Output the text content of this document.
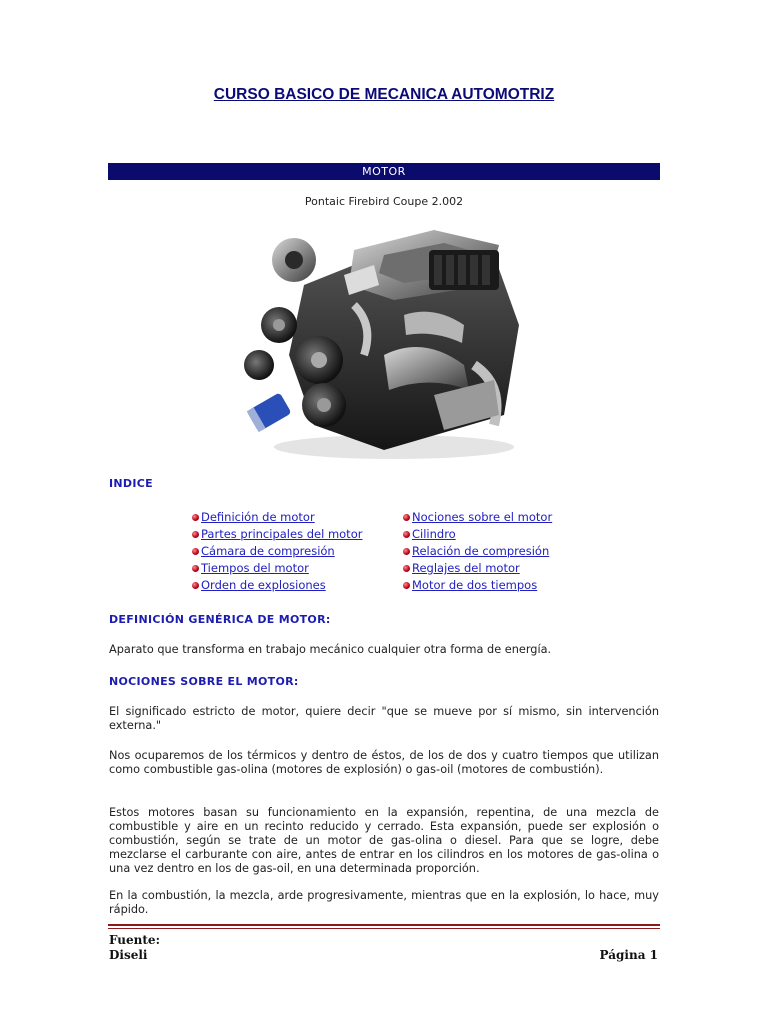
CURSO BASICO DE MECANICA AUTOMOTRIZ
MOTOR
Pontaic Firebird Coupe 2.002
INDICE
Definición de motor
Partes principales del motor
Cámara de compresión
Tiempos del motor
Orden de explosiones
Nociones sobre el motor
Cilindro
Relación de compresión
Reglajes del motor
Motor de dos tiempos
DEFINICIÓN GENÉRICA DE MOTOR:
Aparato que transforma en trabajo mecánico cualquier otra forma de energía.
NOCIONES SOBRE EL MOTOR:
El significado estricto de motor, quiere decir "que se mueve por sí mismo, sin intervención externa."
Nos ocuparemos de los térmicos y dentro de éstos, de los de dos y cuatro tiempos que utilizan como combustible gas-olina (motores de explosión) o gas-oil (motores de combustión).
Estos motores basan su funcionamiento en la expansión, repentina, de una mezcla de combustible y aire en un recinto reducido y cerrado. Esta expansión, puede ser explosión o combustión, según se trate de un motor de gas-olina o diesel. Para que se logre, debe mezclarse el carburante con aire, antes de entrar en los cilindros en los motores de gas-olina o una vez dentro en los de gas-oil, en una determinada proporción.
En la combustión, la mezcla, arde progresivamente, mientras que en la explosión, lo hace, muy rápido.
Fuente:
Diseli	Página 1
